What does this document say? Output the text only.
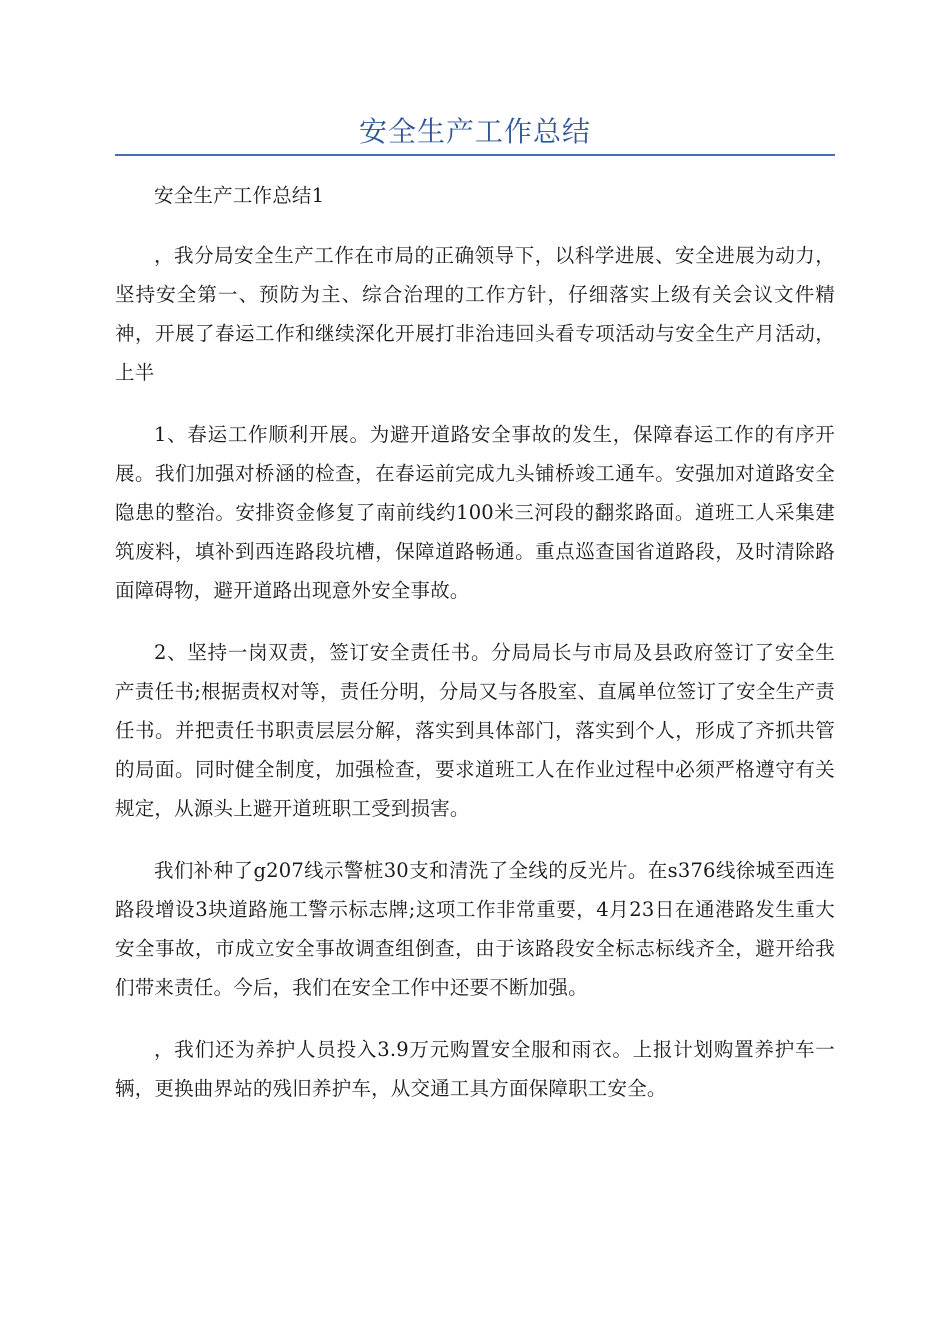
安全生产工作总结

安全生产工作总结1

，我分局安全生产工作在市局的正确领导下，以科学进展、安全进展为动力，坚持安全第一、预防为主、综合治理的工作方针，仔细落实上级有关会议文件精神，开展了春运工作和继续深化开展打非治违回头看专项活动与安全生产月活动，上半

1、春运工作顺利开展。为避开道路安全事故的发生，保障春运工作的有序开展。我们加强对桥涵的检查，在春运前完成九头铺桥竣工通车。安强加对道路安全隐患的整治。安排资金修复了南前线约100米三河段的翻浆路面。道班工人采集建筑废料，填补到西连路段坑槽，保障道路畅通。重点巡查国省道路段，及时清除路面障碍物，避开道路出现意外安全事故。

2、坚持一岗双责，签订安全责任书。分局局长与市局及县政府签订了安全生产责任书;根据责权对等，责任分明，分局又与各股室、直属单位签订了安全生产责任书。并把责任书职责层层分解，落实到具体部门，落实到个人，形成了齐抓共管的局面。同时健全制度，加强检查，要求道班工人在作业过程中必须严格遵守有关规定，从源头上避开道班职工受到损害。

我们补种了g207线示警桩30支和清洗了全线的反光片。在s376线徐城至西连路段增设3块道路施工警示标志牌;这项工作非常重要，4月23日在通港路发生重大安全事故，市成立安全事故调查组倒查，由于该路段安全标志标线齐全，避开给我们带来责任。今后，我们在安全工作中还要不断加强。

，我们还为养护人员投入3.9万元购置安全服和雨衣。上报计划购置养护车一辆，更换曲界站的残旧养护车，从交通工具方面保障职工安全。
